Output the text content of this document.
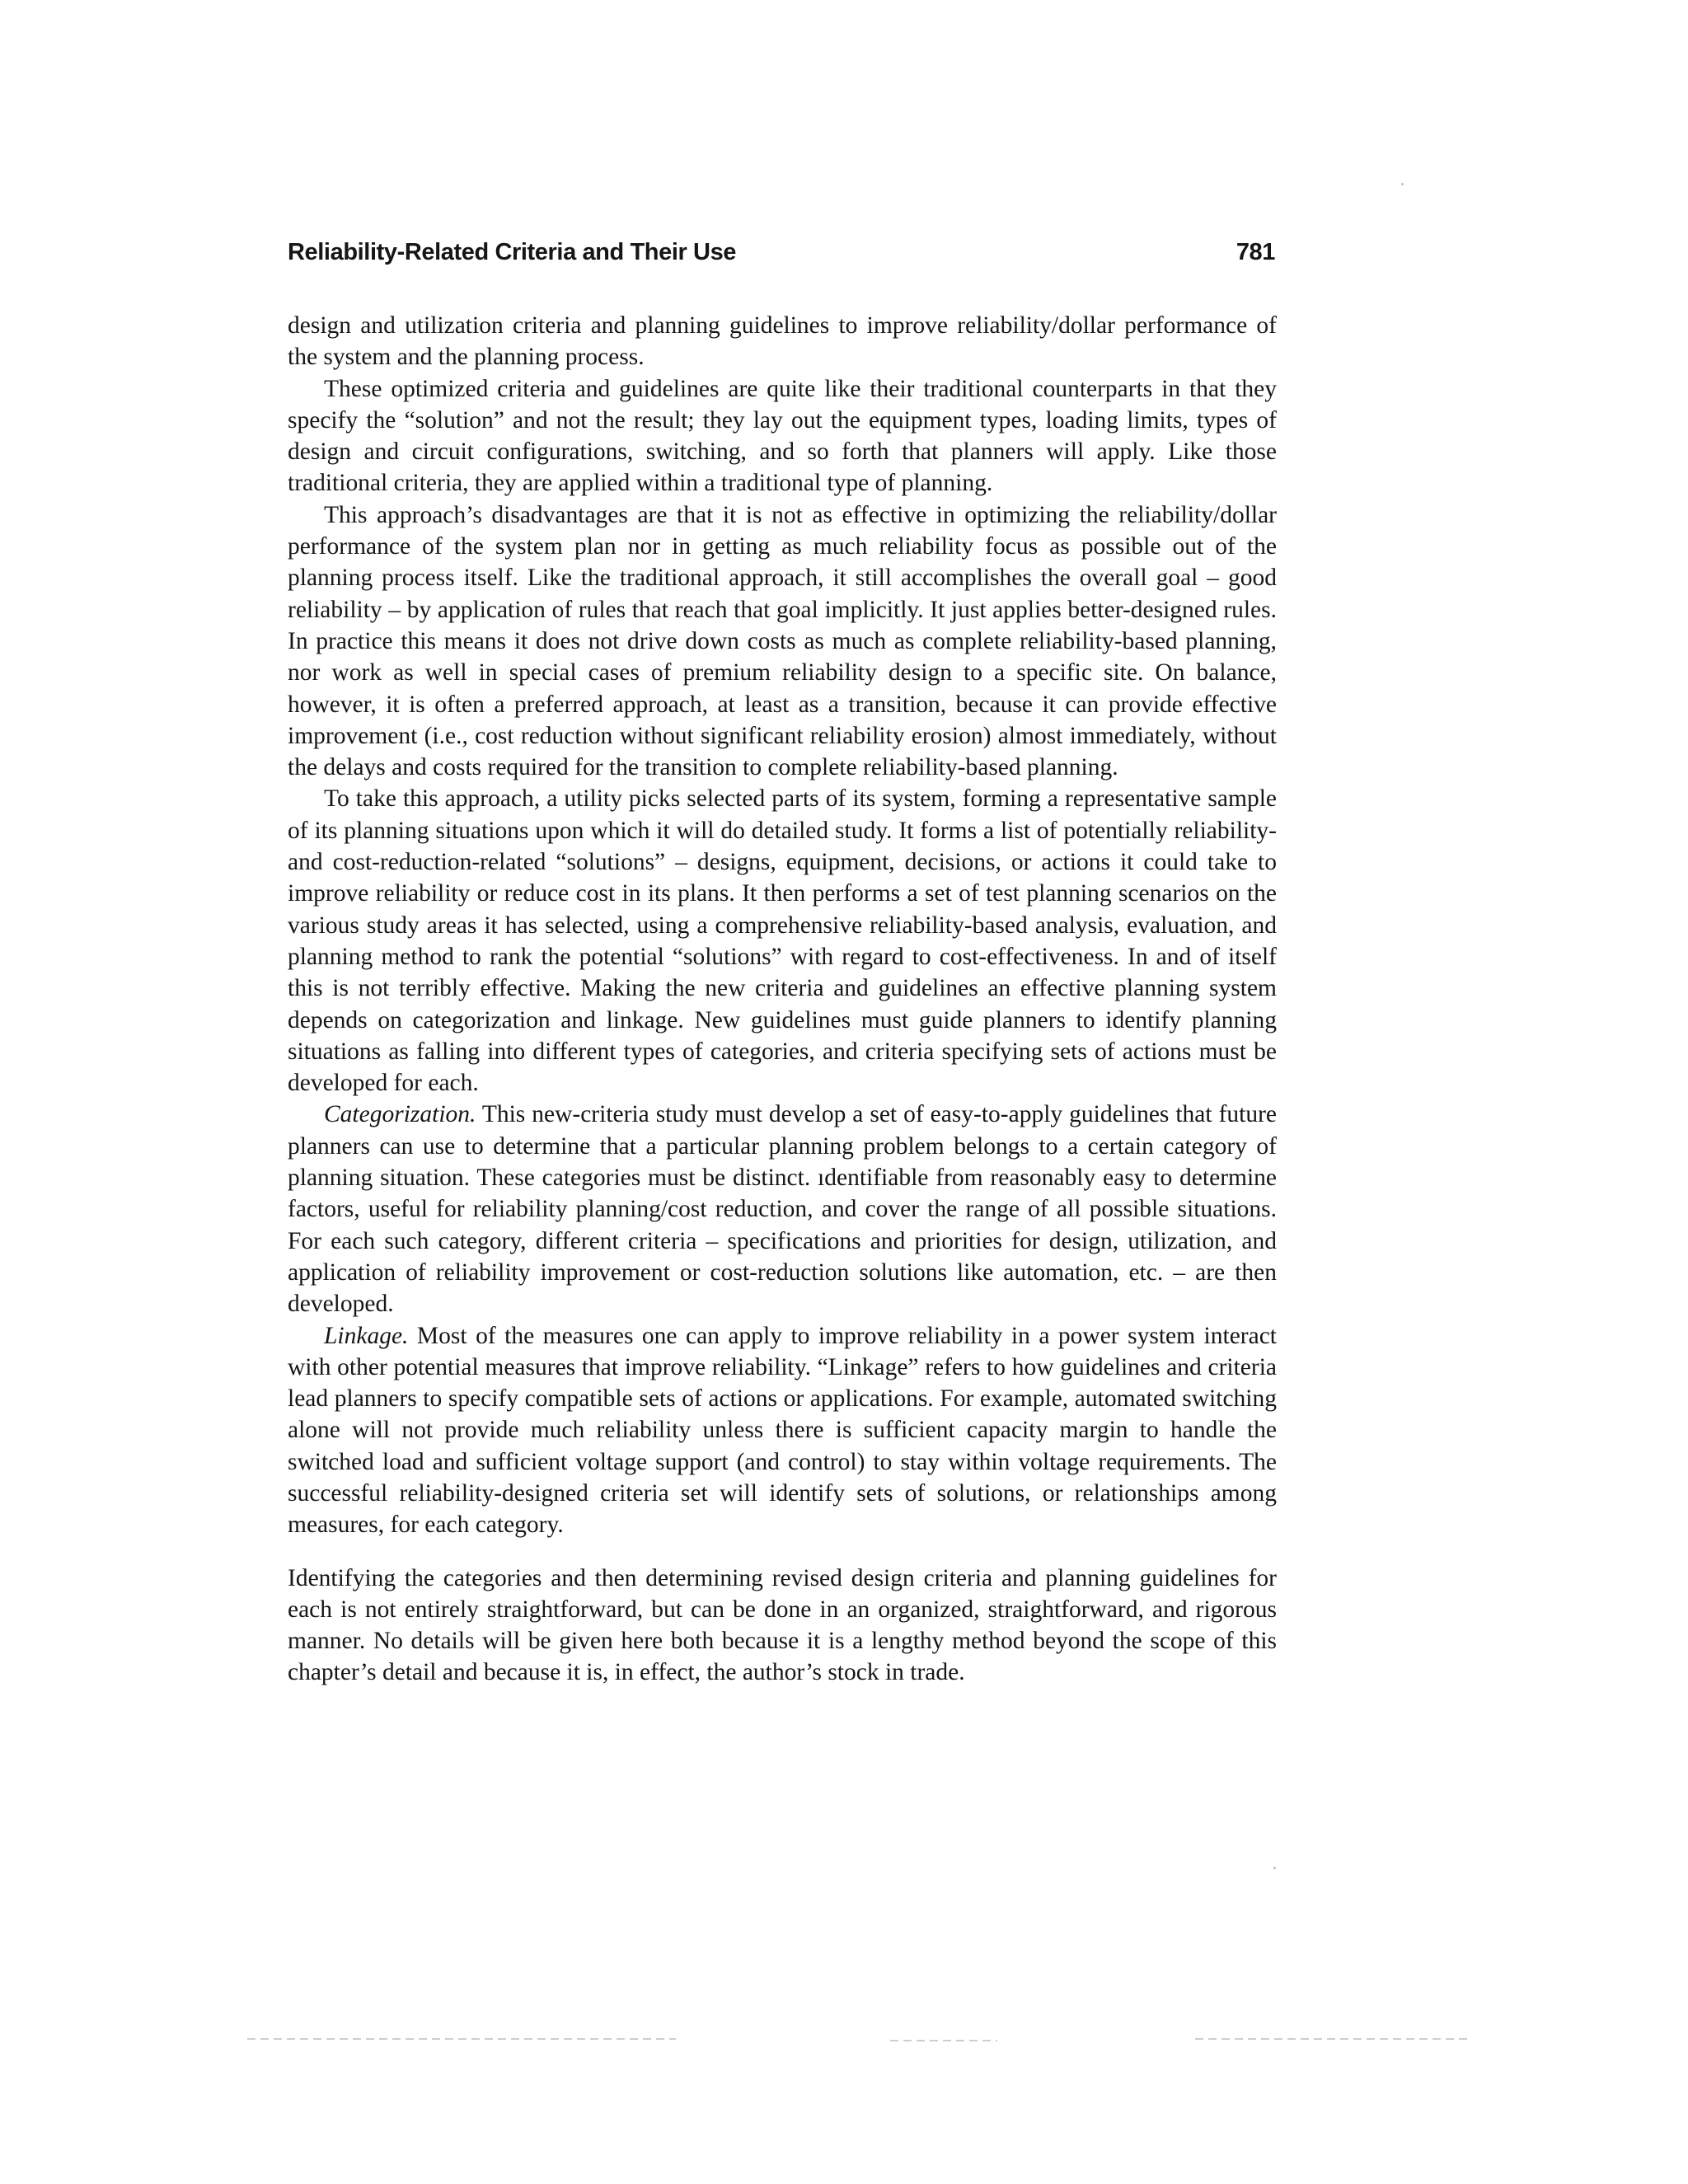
Reliability-Related Criteria and Their Use	781

design and utilization criteria and planning guidelines to improve reliability/dollar performance of the system and the planning process.

These optimized criteria and guidelines are quite like their traditional counterparts in that they specify the “solution” and not the result; they lay out the equipment types, loading limits, types of design and circuit configurations, switching, and so forth that planners will apply. Like those traditional criteria, they are applied within a traditional type of planning.

This approach’s disadvantages are that it is not as effective in optimizing the reliability/dollar performance of the system plan nor in getting as much reliability focus as possible out of the planning process itself. Like the traditional approach, it still accomplishes the overall goal – good reliability – by application of rules that reach that goal implicitly. It just applies better-designed rules. In practice this means it does not drive down costs as much as complete reliability-based planning, nor work as well in special cases of premium reliability design to a specific site. On balance, however, it is often a preferred approach, at least as a transition, because it can provide effective improvement (i.e., cost reduction without significant reliability erosion) almost immediately, without the delays and costs required for the transition to complete reliability-based planning.

To take this approach, a utility picks selected parts of its system, forming a representative sample of its planning situations upon which it will do detailed study. It forms a list of potentially reliability- and cost-reduction-related “solutions” – designs, equipment, decisions, or actions it could take to improve reliability or reduce cost in its plans. It then performs a set of test planning scenarios on the various study areas it has selected, using a comprehensive reliability-based analysis, evaluation, and planning method to rank the potential “solutions” with regard to cost-effectiveness. In and of itself this is not terribly effective. Making the new criteria and guidelines an effective planning system depends on categorization and linkage. New guidelines must guide planners to identify planning situations as falling into different types of categories, and criteria specifying sets of actions must be developed for each.

Categorization. This new-criteria study must develop a set of easy-to-apply guidelines that future planners can use to determine that a particular planning problem belongs to a certain category of planning situation. These categories must be distinct. ıdentifiable from reasonably easy to determine factors, useful for reliability planning/cost reduction, and cover the range of all possible situations. For each such category, different criteria – specifications and priorities for design, utilization, and application of reliability improvement or cost-reduction solutions like automation, etc. – are then developed.

Linkage. Most of the measures one can apply to improve reliability in a power system interact with other potential measures that improve reliability. “Linkage” refers to how guidelines and criteria lead planners to specify compatible sets of actions or applications. For example, automated switching alone will not provide much reliability unless there is sufficient capacity margin to handle the switched load and sufficient voltage support (and control) to stay within voltage requirements. The successful reliability-designed criteria set will identify sets of solutions, or relationships among measures, for each category.

Identifying the categories and then determining revised design criteria and planning guidelines for each is not entirely straightforward, but can be done in an organized, straightforward, and rigorous manner. No details will be given here both because it is a lengthy method beyond the scope of this chapter’s detail and because it is, in effect, the author’s stock in trade.
